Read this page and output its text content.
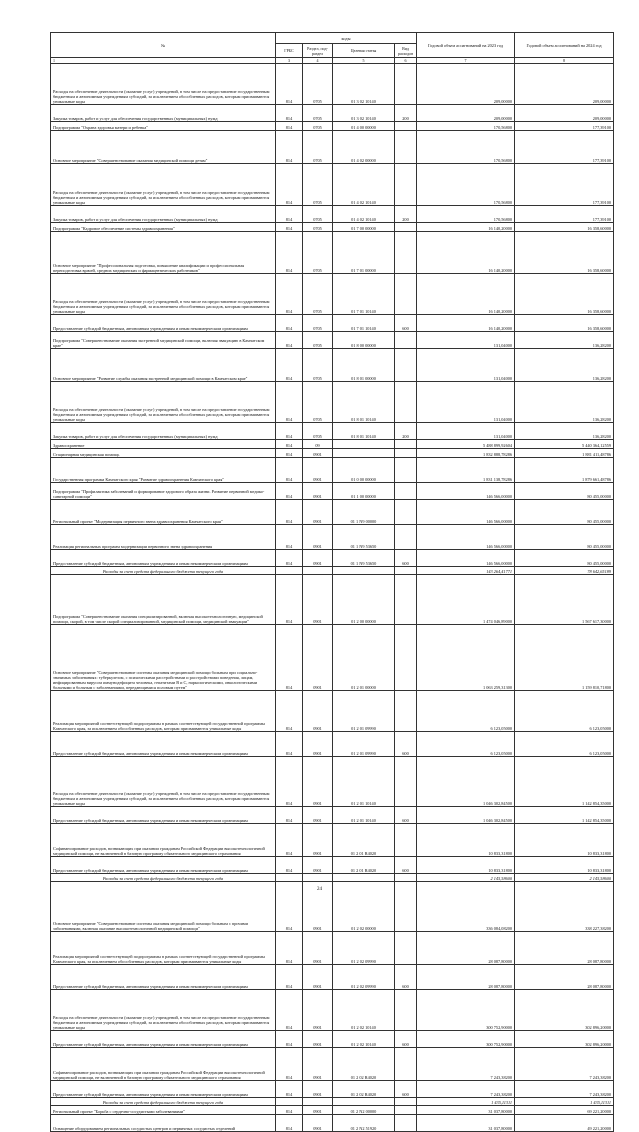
№	коды				Годовой объем ассигнований на 2023 год	Годовой объем ассигнований на 2024 год
	ГРБС	Раздел, под-раздел	Целевая статья	Вид расходов		
1	3	4	5	6	7	8
Расходы на обеспечение деятельности (оказание услуг) учреждений, в том числе на предоставление государственным бюджетным и автономным учреждениям субсидий, за исключением обособленных расходов, которым присваиваются уникальные коды	814	0705	01 3 02 10140		209,00000	209,00000
Закупка товаров, работ и услуг для обеспечения государственных (муниципальных) нужд	814	0705	01 3 02 10140	200	209,00000	209,00000
Подпрограмма "Охрана здоровья матери и ребенка"	814	0705	01 4 00 00000		170,56800	177,39100
Основное мероприятие "Совершенствование оказания медицинской помощи детям"	814	0705	01 4 02 00000		170,56800	177,39100
Расходы на обеспечение деятельности (оказание услуг) учреждений, в том числе на предоставление государственным бюджетным и автономным учреждениям субсидий, за исключением обособленных расходов, которым присваиваются уникальные коды	814	0705	01 4 02 10140		170,56800	177,39100
Закупка товаров, работ и услуг для обеспечения государственных (муниципальных) нужд	814	0705	01 4 02 10140	200	170,56800	177,39100
Подпрограмма "Кадровое обеспечение системы здравоохранения"	814	0705	01 7 00 00000		16 140,20000	16 358,60000
Основное мероприятие "Профессиональная подготовка, повышение квалификации и профессиональная переподготовка врачей, средних медицинских и фармацевтических работников"	814	0705	01 7 01 00000		16 140,20000	16 358,60000
Расходы на обеспечение деятельности (оказание услуг) учреждений, в том числе на предоставление государственным бюджетным и автономным учреждениям субсидий, за исключением обособленных расходов, которым присваиваются уникальные коды	814	0705	01 7 01 10140		16 140,20000	16 358,60000
Предоставление субсидий бюджетным, автономным учреждениям и иным некоммерческим организациям	814	0705	01 7 01 10140	600	16 140,20000	16 358,60000
Подпрограмма "Совершенствование оказания экстренной медицинской помощи, включая эвакуацию в Камчатском крае"	814	0705	01 8 00 00000		131,04000	136,28200
Основное мероприятие "Развитие службы оказания экстренной медицинской помощи в Камчатском крае"	814	0705	01 8 01 00000		131,04000	136,28200
Расходы на обеспечение деятельности (оказание услуг) учреждений, в том числе на предоставление государственным бюджетным и автономным учреждениям субсидий, за исключением обособленных расходов, которым присваиваются уникальные коды	814	0705	01 8 01 10140		131,04000	136,28200
Закупка товаров, работ и услуг для обеспечения государственных (муниципальных) нужд	814	0705	01 8 01 10140	200	131,04000	136,28200
Здравоохранение	814	09			5 488 899,92604	5 440 364,12559
Стационарная медицинская помощь	814	0901			1 832 888,78286	1 881 411,48786
Государственная программа Камчатского края "Развитие здравоохранения Камчатского края"	814	0901	01 0 00 00000		1 831 138,78286	1 879 661,48786
Подпрограмма "Профилактика заболеваний и формирование здорового образа жизни. Развитие первичной медико-санитарной помощи"	814	0901	01 1 00 00000		146 566,00000	80 455,00000
Региональный проект "Модернизация первичного звена здравоохранения Камчатского края"	814	0901	01 1 N9 00000		146 566,00000	80 455,00000
Реализация региональных программ модернизации первичного звена здравоохранения	814	0901	01 1 N9 53650		146 566,00000	80 455,00000
Предоставление субсидий бюджетным, автономным учреждениям и иным некоммерческим организациям	814	0901	01 1 N9 53650	600	146 566,00000	80 455,00000
Расходы за счет средств федерального бюджета текущего года					143 264,41771	78 642,65189
Подпрограмма "Совершенствование оказания специализированной, включая высокотехнологичную, медицинской помощи, скорой, в том числе скорой специализированной, медицинской помощи, медицинской эвакуации"	814	0901	01 2 00 00000		1 474 046,89000	1 567 617,30000
Основное мероприятие "Совершенствование системы оказания медицинской помощи больным при социально-значимых заболеваниях: туберкулезом, с психическими расстройствами и расстройствами поведения, лицам, инфицированным вирусом иммунодефицита человека, гепатитами В и С, наркологическими, онкологическими больными и больным с заболеваниями, передающимися половым путем"	814	0901	01 2 01 00000		1 063 259,31300	1 159 810,71800
Реализация мероприятий соответствующей подпрограммы в рамках соответствующей государственной программы Камчатского края, за исключением обособленных расходов, которым присваиваются уникальные коды	814	0901	01 2 01 09990		6 123,05000	6 123,05000
Предоставление субсидий бюджетным, автономным учреждениям и иным некоммерческим организациям	814	0901	01 2 01 09990	600	6 123,05000	6 123,05000
Расходы на обеспечение деятельности (оказание услуг) учреждений, в том числе на предоставление государственным бюджетным и автономным учреждениям субсидий, за исключением обособленных расходов, которым присваиваются уникальные коды	814	0901	01 2 01 10140		1 046 302,84500	1 142 854,35000
Предоставление субсидий бюджетным, автономным учреждениям и иным некоммерческим организациям	814	0901	01 2 01 10140	600	1 046 302,84500	1 142 854,35000
Софинансирование расходов, возникающих при оказании гражданам Российской Федерации высокотехнологичной медицинской помощи, не включенной в базовую программу обязательного медицинского страхования	814	0901	01 2 01 R4020		10 833,31800	10 833,31800
Предоставление субсидий бюджетным, автономным учреждениям и иным некоммерческим организациям	814	0901	01 2 01 R4020	600	10 833,31800	10 833,31800
Расходы за счет средств федерального бюджета текущего года					2 145,58600	2 145,58600
Основное мероприятие "Совершенствование системы оказания медицинской помощи больным с прочими заболеваниями, включая оказание высокотехнологичной медицинской помощи"	814	0901	01 2 02 00000		336 084,08200	338 227,38200
Реализация мероприятий соответствующей подпрограммы в рамках соответствующей государственной программы Камчатского края, за исключением обособленных расходов, которым присваиваются уникальные коды	814	0901	01 2 02 09990		28 087,80000	28 087,80000
Предоставление субсидий бюджетным, автономным учреждениям и иным некоммерческим организациям	814	0901	01 2 02 09990	600	28 087,80000	28 087,80000
Расходы на обеспечение деятельности (оказание услуг) учреждений, в том числе на предоставление государственным бюджетным и автономным учреждениям субсидий, за исключением обособленных расходов, которым присваиваются уникальные коды	814	0901	01 2 02 10140		300 752,90000	302 896,20000
Предоставление субсидий бюджетным, автономным учреждениям и иным некоммерческим организациям	814	0901	01 2 02 10140	600	300 752,90000	302 896,20000
Софинансирование расходов, возникающих при оказании гражданам Российской Федерации высокотехнологичной медицинской помощи, не включенной в базовую программу обязательного медицинского страхования	814	0901	01 2 02 R4020		7 243,38200	7 243,38200
Предоставление субсидий бюджетным, автономным учреждениям и иным некоммерческим организациям	814	0901	01 2 02 R4020	600	7 243,38200	7 243,38200
Расходы за счет средств федерального бюджета текущего года					1 435,11311	1 435,11311
Региональный проект "Борьба с сердечно-сосудистыми заболеваниями"	814	0901	01 2 N2 00000		31 037,80000	69 221,20000
Оснащение оборудованием региональных сосудистых центров и первичных сосудистых отделений	814	0901	01 2 N2 51920		31 037,80000	49 221,20000
24
